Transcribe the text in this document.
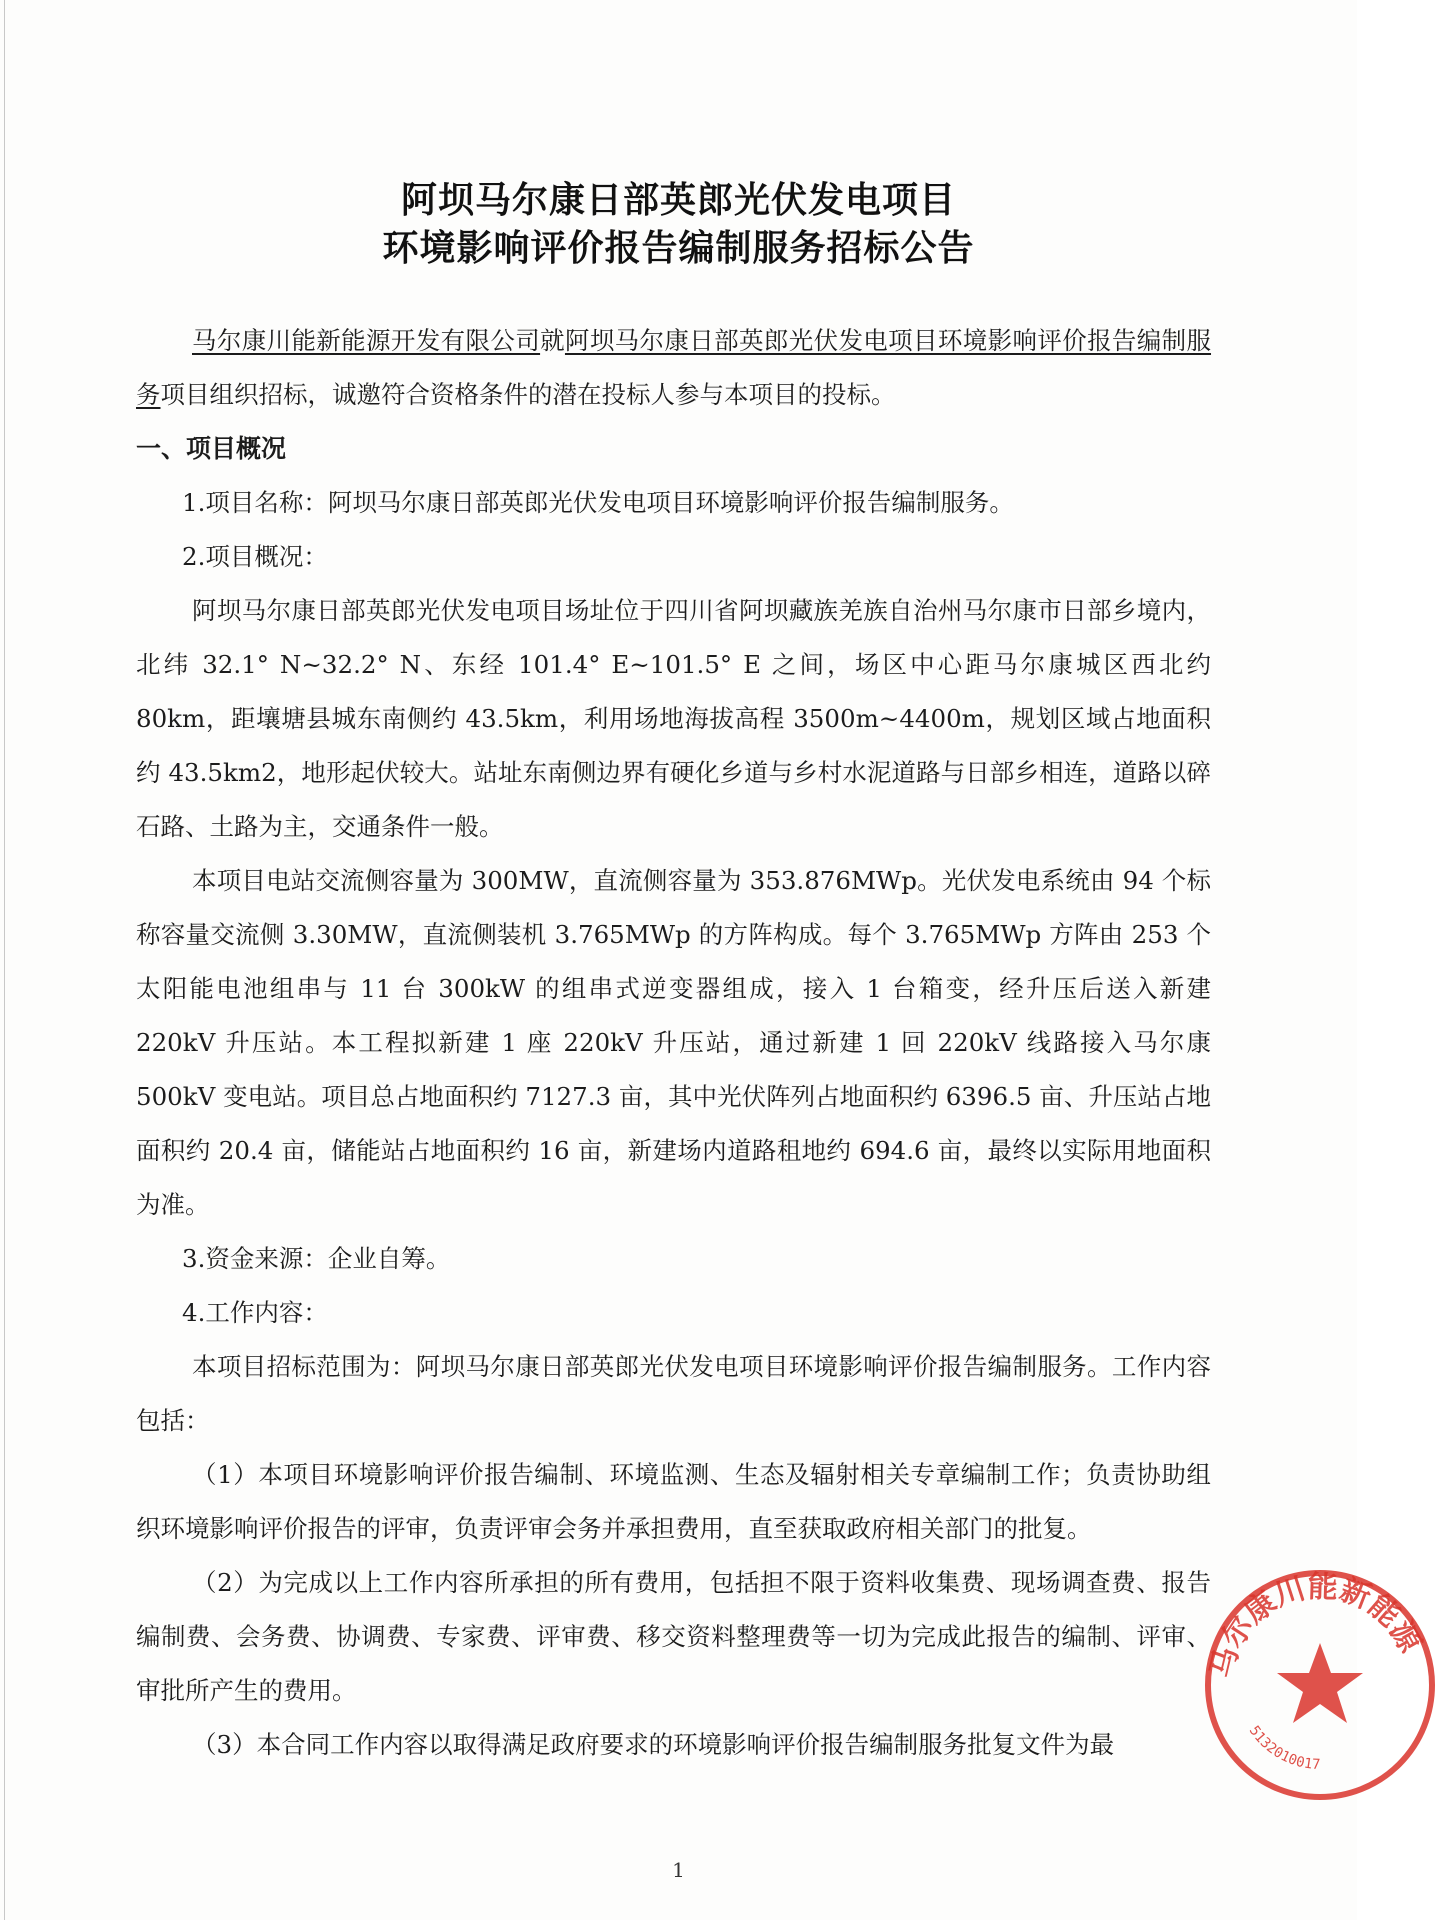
阿坝马尔康日部英郎光伏发电项目
环境影响评价报告编制服务招标公告

马尔康川能新能源开发有限公司就阿坝马尔康日部英郎光伏发电项目环境影响评价报告编制服务项目组织招标，诚邀符合资格条件的潜在投标人参与本项目的投标。

一、项目概况

1.项目名称：阿坝马尔康日部英郎光伏发电项目环境影响评价报告编制服务。

2.项目概况：

阿坝马尔康日部英郎光伏发电项目场址位于四川省阿坝藏族羌族自治州马尔康市日部乡境内，北纬 32.1° N~32.2° N、东经 101.4° E~101.5° E 之间，场区中心距马尔康城区西北约 80km，距壤塘县城东南侧约 43.5km，利用场地海拔高程 3500m~4400m，规划区域占地面积约 43.5km2，地形起伏较大。站址东南侧边界有硬化乡道与乡村水泥道路与日部乡相连，道路以碎石路、土路为主，交通条件一般。

本项目电站交流侧容量为 300MW，直流侧容量为 353.876MWp。光伏发电系统由 94 个标称容量交流侧 3.30MW，直流侧装机 3.765MWp 的方阵构成。每个 3.765MWp 方阵由 253 个太阳能电池组串与 11 台 300kW 的组串式逆变器组成，接入 1 台箱变，经升压后送入新建 220kV 升压站。本工程拟新建 1 座 220kV 升压站，通过新建 1 回 220kV 线路接入马尔康 500kV 变电站。项目总占地面积约 7127.3 亩，其中光伏阵列占地面积约 6396.5 亩、升压站占地面积约 20.4 亩，储能站占地面积约 16 亩，新建场内道路租地约 694.6 亩，最终以实际用地面积为准。

3.资金来源：企业自筹。

4.工作内容：

本项目招标范围为：阿坝马尔康日部英郎光伏发电项目环境影响评价报告编制服务。工作内容包括：

（1）本项目环境影响评价报告编制、环境监测、生态及辐射相关专章编制工作；负责协助组织环境影响评价报告的评审，负责评审会务并承担费用，直至获取政府相关部门的批复。

（2）为完成以上工作内容所承担的所有费用，包括担不限于资料收集费、现场调查费、报告编制费、会务费、协调费、专家费、评审费、移交资料整理费等一切为完成此报告的编制、评审、审批所产生的费用。

（3）本合同工作内容以取得满足政府要求的环境影响评价报告编制服务批复文件为最

1
马尔康川能新能源
5132010017
